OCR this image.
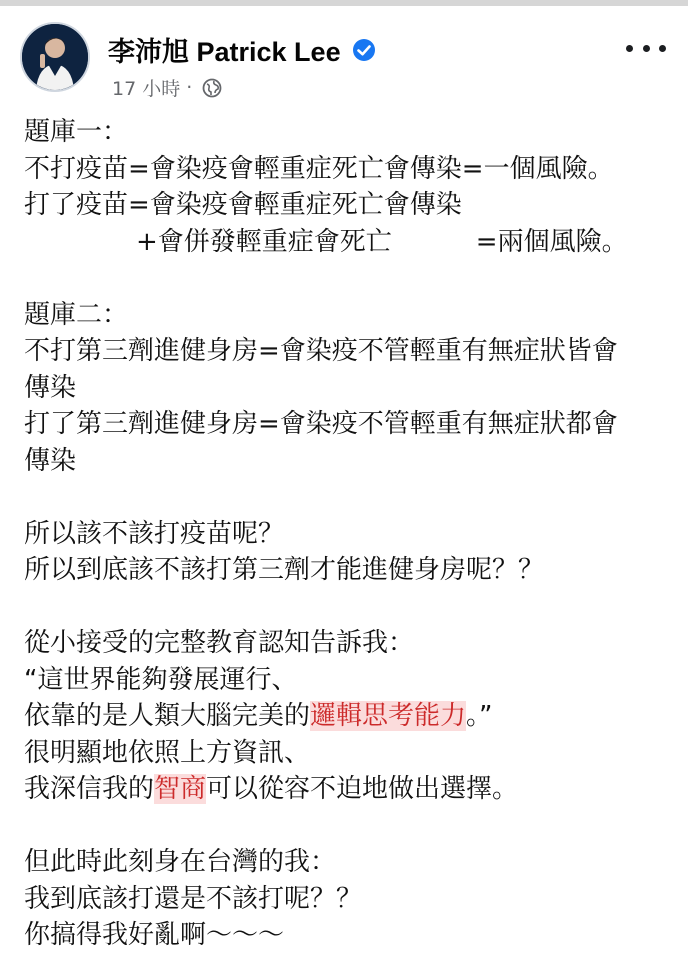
李沛旭 Patrick Lee
17 小時 ·
題庫一：
不打疫苗=會染疫會輕重症死亡會傳染=一個風險。
打了疫苗=會染疫會輕重症死亡會傳染
+會併發輕重症會死亡	=兩個風險。
題庫二：
不打第三劑進健身房=會染疫不管輕重有無症狀皆會
傳染
打了第三劑進健身房=會染疫不管輕重有無症狀都會
傳染
所以該不該打疫苗呢？
所以到底該不該打第三劑才能進健身房呢？？
從小接受的完整教育認知告訴我：
“這世界能夠發展運行、
依靠的是人類大腦完美的邏輯思考能力。”
很明顯地依照上方資訊、
我深信我的智商可以從容不迫地做出選擇。
但此時此刻身在台灣的我：
我到底該打還是不該打呢？？
你搞得我好亂啊～～～
